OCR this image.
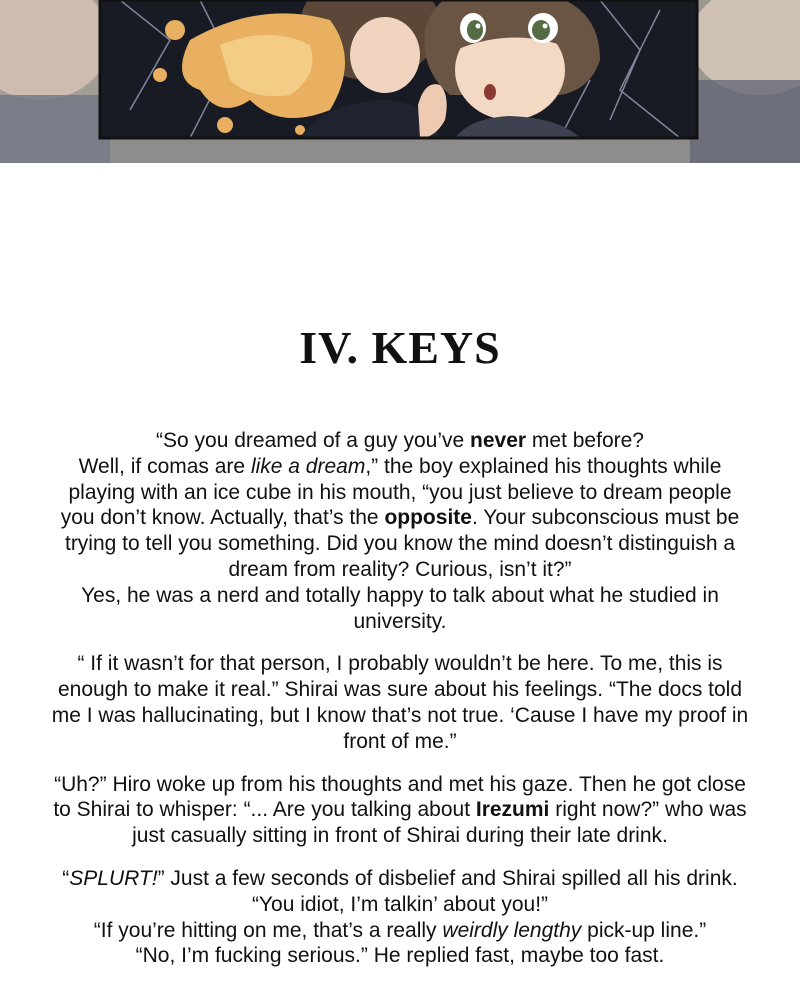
IV. KEYS

“So you dreamed of a guy you’ve never met before?
Well, if comas are like a dream,” the boy explained his thoughts while playing with an ice cube in his mouth, “you just believe to dream people you don’t know. Actually, that’s the opposite. Your subconscious must be trying to tell you something. Did you know the mind doesn’t distinguish a dream from reality? Curious, isn’t it?”
Yes, he was a nerd and totally happy to talk about what he studied in university.

“ If it wasn’t for that person, I probably wouldn’t be here. To me, this is enough to make it real.” Shirai was sure about his feelings. “The docs told me I was hallucinating, but I know that’s not true. ‘Cause I have my proof in front of me.”

“Uh?” Hiro woke up from his thoughts and met his gaze. Then he got close to Shirai to whisper: “... Are you talking about Irezumi right now?” who was just casually sitting in front of Shirai during their late drink.

“SPLURT!” Just a few seconds of disbelief and Shirai spilled all his drink. “You idiot, I’m talkin’ about you!”
“If you’re hitting on me, that’s a really weirdly lengthy pick-up line.”
“No, I’m fucking serious.” He replied fast, maybe too fast.
